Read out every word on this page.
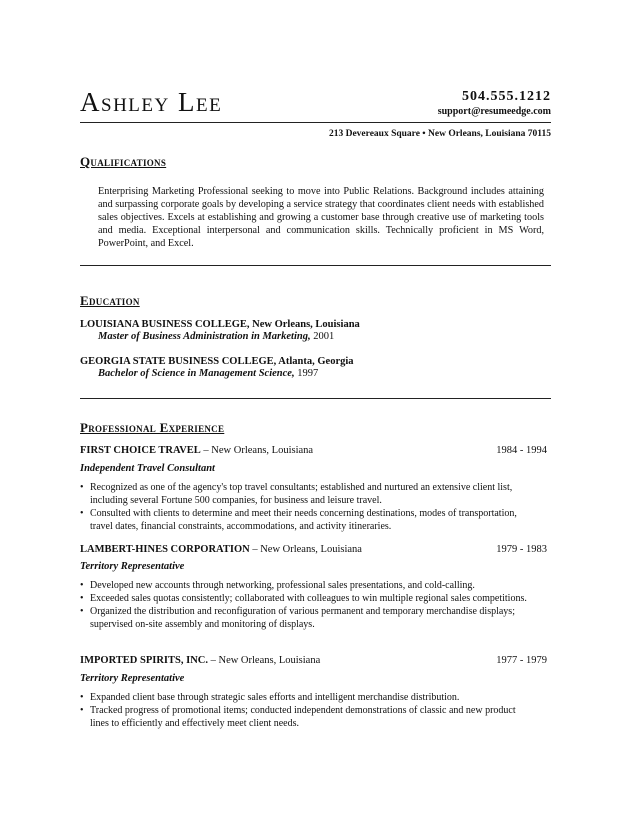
Ashley Lee	504.555.1212
support@resumeedge.com
213 Devereaux Square • New Orleans, Louisiana 70115
Qualifications
Enterprising Marketing Professional seeking to move into Public Relations. Background includes attaining and surpassing corporate goals by developing a service strategy that coordinates client needs with established sales objectives. Excels at establishing and growing a customer base through creative use of marketing tools and media. Exceptional interpersonal and communication skills. Technically proficient in MS Word, PowerPoint, and Excel.
Education
LOUISIANA BUSINESS COLLEGE, New Orleans, Louisiana
Master of Business Administration in Marketing, 2001
GEORGIA STATE BUSINESS COLLEGE, Atlanta, Georgia
Bachelor of Science in Management Science, 1997
Professional Experience
FIRST CHOICE TRAVEL – New Orleans, Louisiana	1984 - 1994
Independent Travel Consultant
• Recognized as one of the agency's top travel consultants; established and nurtured an extensive client list, including several Fortune 500 companies, for business and leisure travel.
• Consulted with clients to determine and meet their needs concerning destinations, modes of transportation, travel dates, financial constraints, accommodations, and activity itineraries.
LAMBERT-HINES CORPORATION – New Orleans, Louisiana	1979 - 1983
Territory Representative
• Developed new accounts through networking, professional sales presentations, and cold-calling.
• Exceeded sales quotas consistently; collaborated with colleagues to win multiple regional sales competitions.
• Organized the distribution and reconfiguration of various permanent and temporary merchandise displays; supervised on-site assembly and monitoring of displays.
IMPORTED SPIRITS, INC. – New Orleans, Louisiana	1977 - 1979
Territory Representative
• Expanded client base through strategic sales efforts and intelligent merchandise distribution.
• Tracked progress of promotional items; conducted independent demonstrations of classic and new product lines to efficiently and effectively meet client needs.
